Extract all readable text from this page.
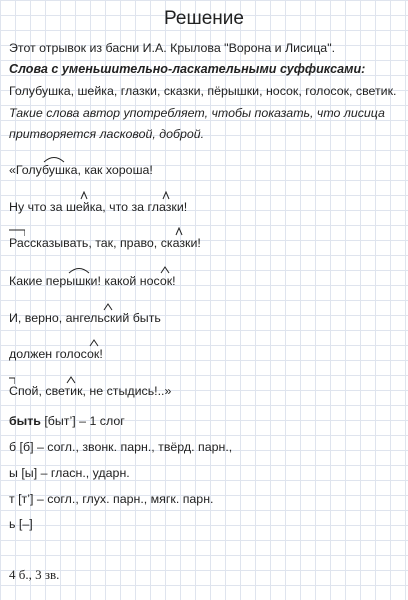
Решение
Этот отрывок из басни И.А. Крылова "Ворона и Лисица".
Слова с уменьшительно-ласкательными суффиксами:
Голубушка, шейка, глазки, сказки, пёрышки, носок, голосок, светик.
Такие слова автор употребляет, чтобы показать, что лисица
притворяется ласковой, доброй.
«Голубушка
, как хороша!
Ну что за шейка
, что за глазки
!
Рассказывать, так, право, сказки
!
Какие перышки
! какой носок
!
И, верно, ангельский
быть
должен голосок
!
Спой, светик
, не стыдись!..»
быть [быт’] – 1 слог
б [б] – согл., звонк. парн., твёрд. парн.,
ы [ы] – гласн., ударн.
т [т’] – согл., глух. парн., мягк. парн.
ь [–]
4 б., 3 зв.
